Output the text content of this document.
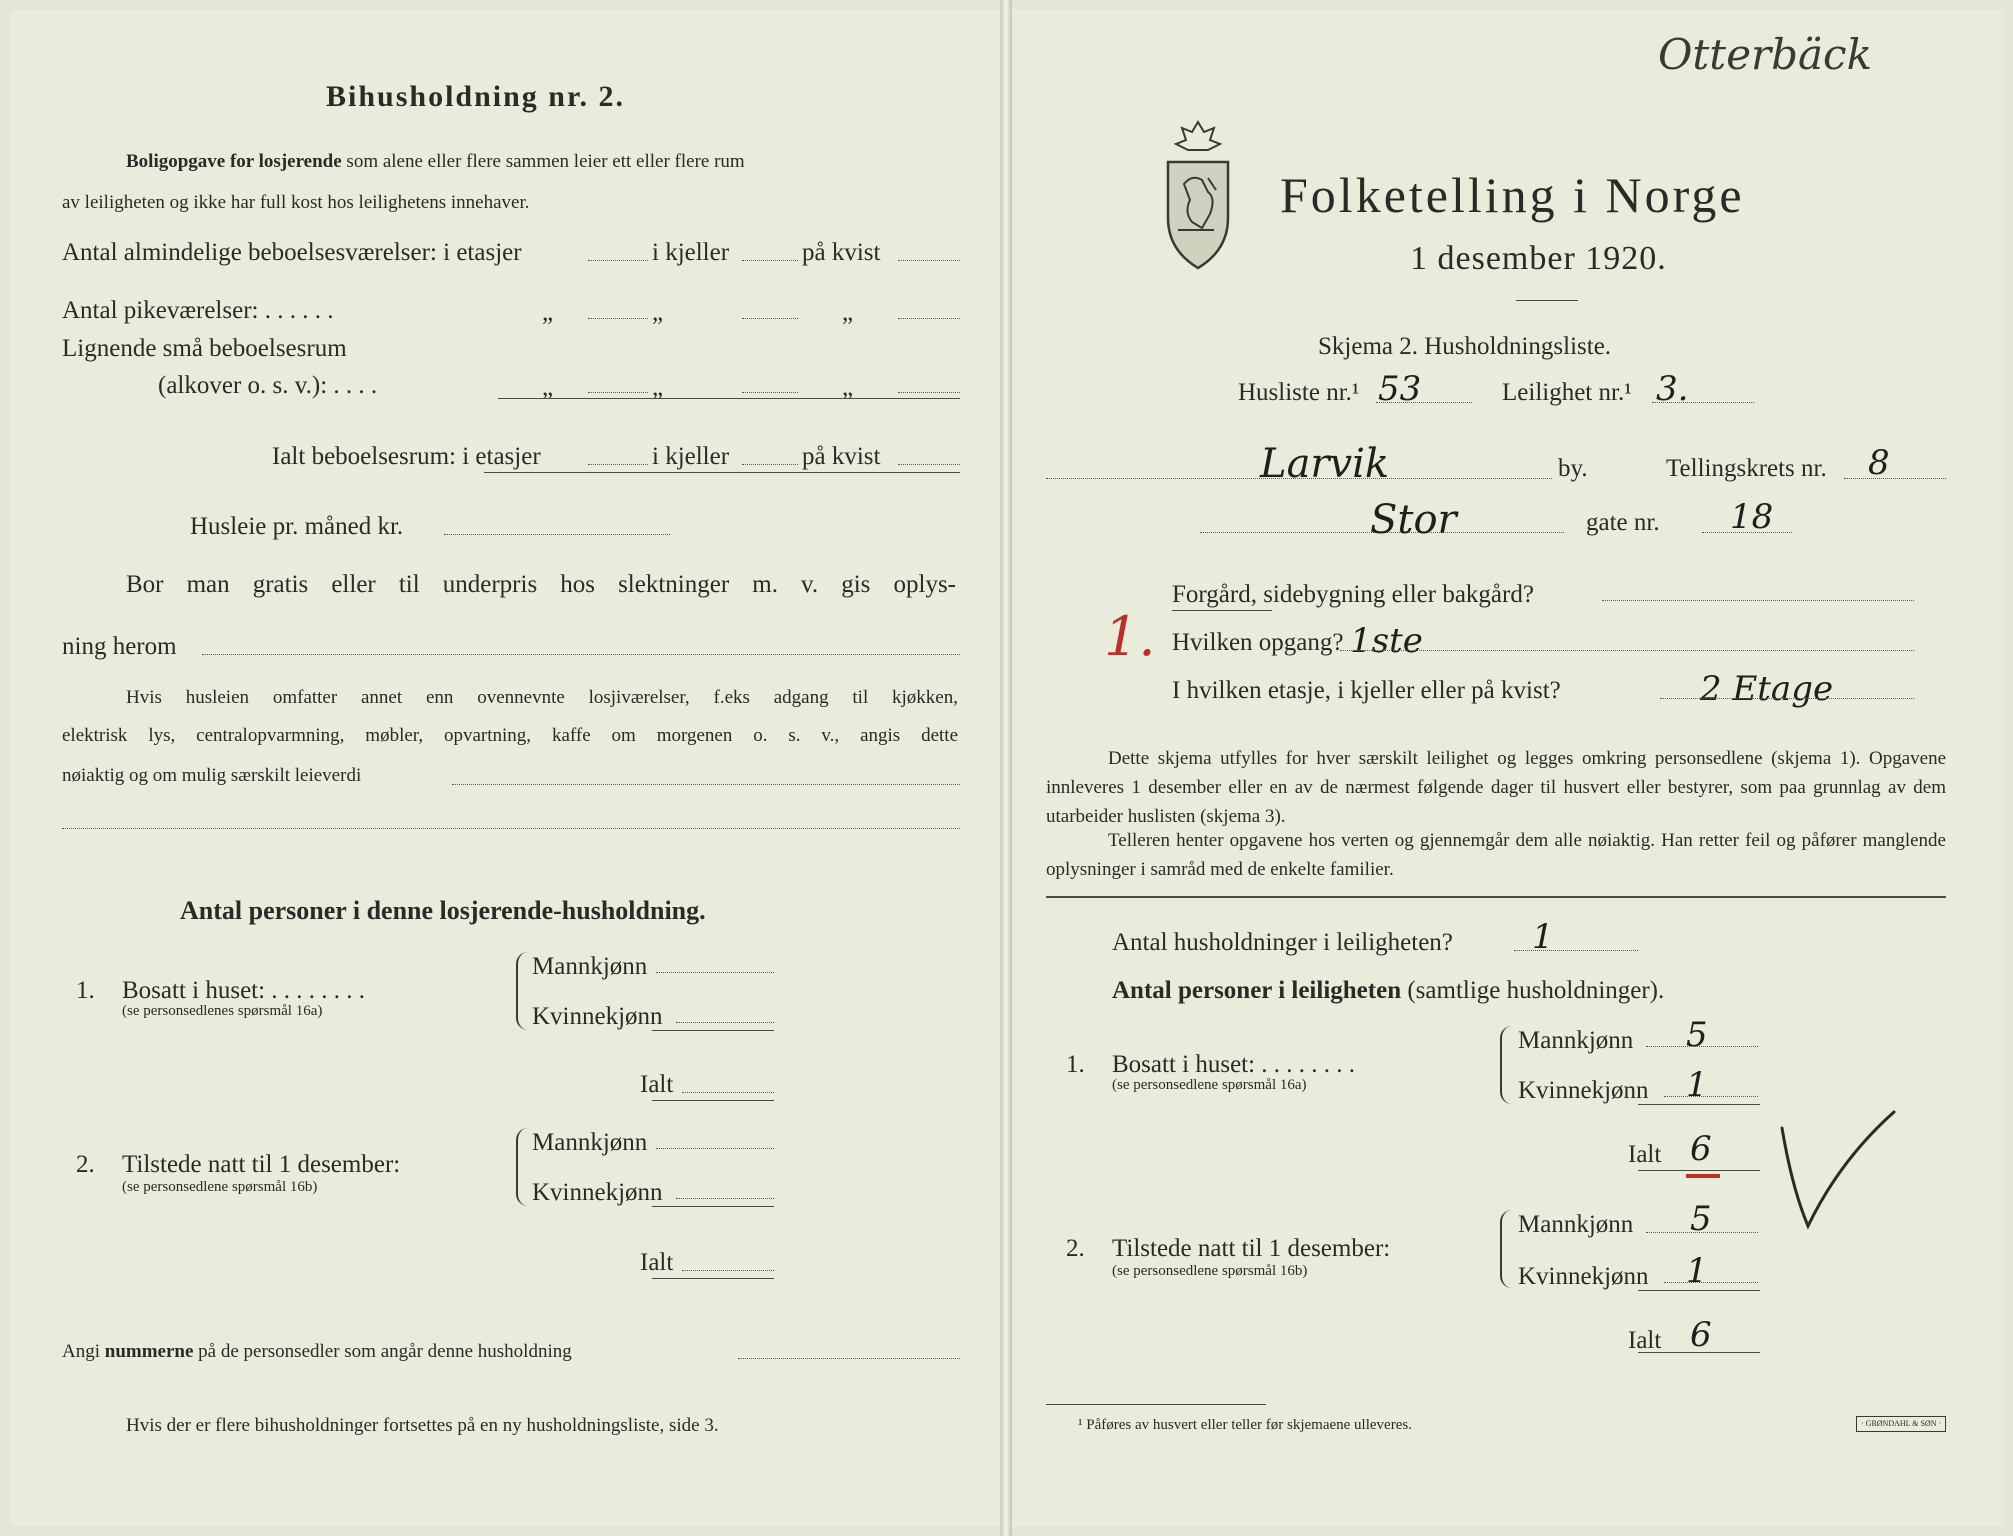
Bihusholdning nr. 2.
Boligopgave for losjerende som alene eller flere sammen leier ett eller flere rum
av leiligheten og ikke har full kost hos leilighetens innehaver.
Antal almindelige beboelsesværelser: i etasjer	i kjeller	på kvist
Antal pikeværelser: . . . . . .	„	„	„
Lignende små beboelsesrum
(alkover o. s. v.): . . . .	„	„	„
Ialt beboelsesrum: i etasjer	i kjeller	på kvist
Husleie pr. måned kr.
Bor man gratis eller til underpris hos slektninger m. v. gis oplys-
ning herom
Hvis husleien omfatter annet enn ovennevnte losjiværelser, f.eks adgang til kjøkken,
elektrisk lys, centralopvarmning, møbler, opvartning, kaffe om morgenen o. s. v., angis dette
nøiaktig og om mulig særskilt leieverdi
Antal personer i denne losjerende-husholdning.
1. Bosatt i huset: . . . . . . . .
(se personsedlenes spørsmål 16a)
Mannkjønn
Kvinnekjønn
Ialt
2. Tilstede natt til 1 desember:
(se personsedlene spørsmål 16b)
Mannkjønn
Kvinnekjønn
Ialt
Angi nummerne på de personsedler som angår denne husholdning
Hvis der er flere bihusholdninger fortsettes på en ny husholdningsliste, side 3.
Otterbäck
Folketelling i Norge
1 desember 1920.
Skjema 2. Husholdningsliste.
Husliste nr.¹ 53	Leilighet nr.¹ 3.
Larvik	by.	Tellingskrets nr. 8
Stor	gate nr. 18
1.
Forgård, sidebygning eller bakgård?
Hvilken opgang? 1ste
I hvilken etasje, i kjeller eller på kvist?	2 Etage
Dette skjema utfylles for hver særskilt leilighet og legges omkring personsedlene (skjema 1). Opgavene innleveres 1 desember eller en av de nærmest følgende dager til husvert eller bestyrer, som paa grunnlag av dem utarbeider huslisten (skjema 3).
Telleren henter opgavene hos verten og gjennemgår dem alle nøiaktig. Han retter feil og påfører manglende oplysninger i samråd med de enkelte familier.
Antal husholdninger i leiligheten? 1
Antal personer i leiligheten (samtlige husholdninger).
1. Bosatt i huset: . . . . . . . .
(se personsedlene spørsmål 16a)
Mannkjønn 5
Kvinnekjønn 1
Ialt 6
2. Tilstede natt til 1 desember:
(se personsedlene spørsmål 16b)
Mannkjønn 5
Kvinnekjønn 1
Ialt 6
¹ Påføres av husvert eller teller før skjemaene ulleveres.	· GRØNDAHL & SØN ·
